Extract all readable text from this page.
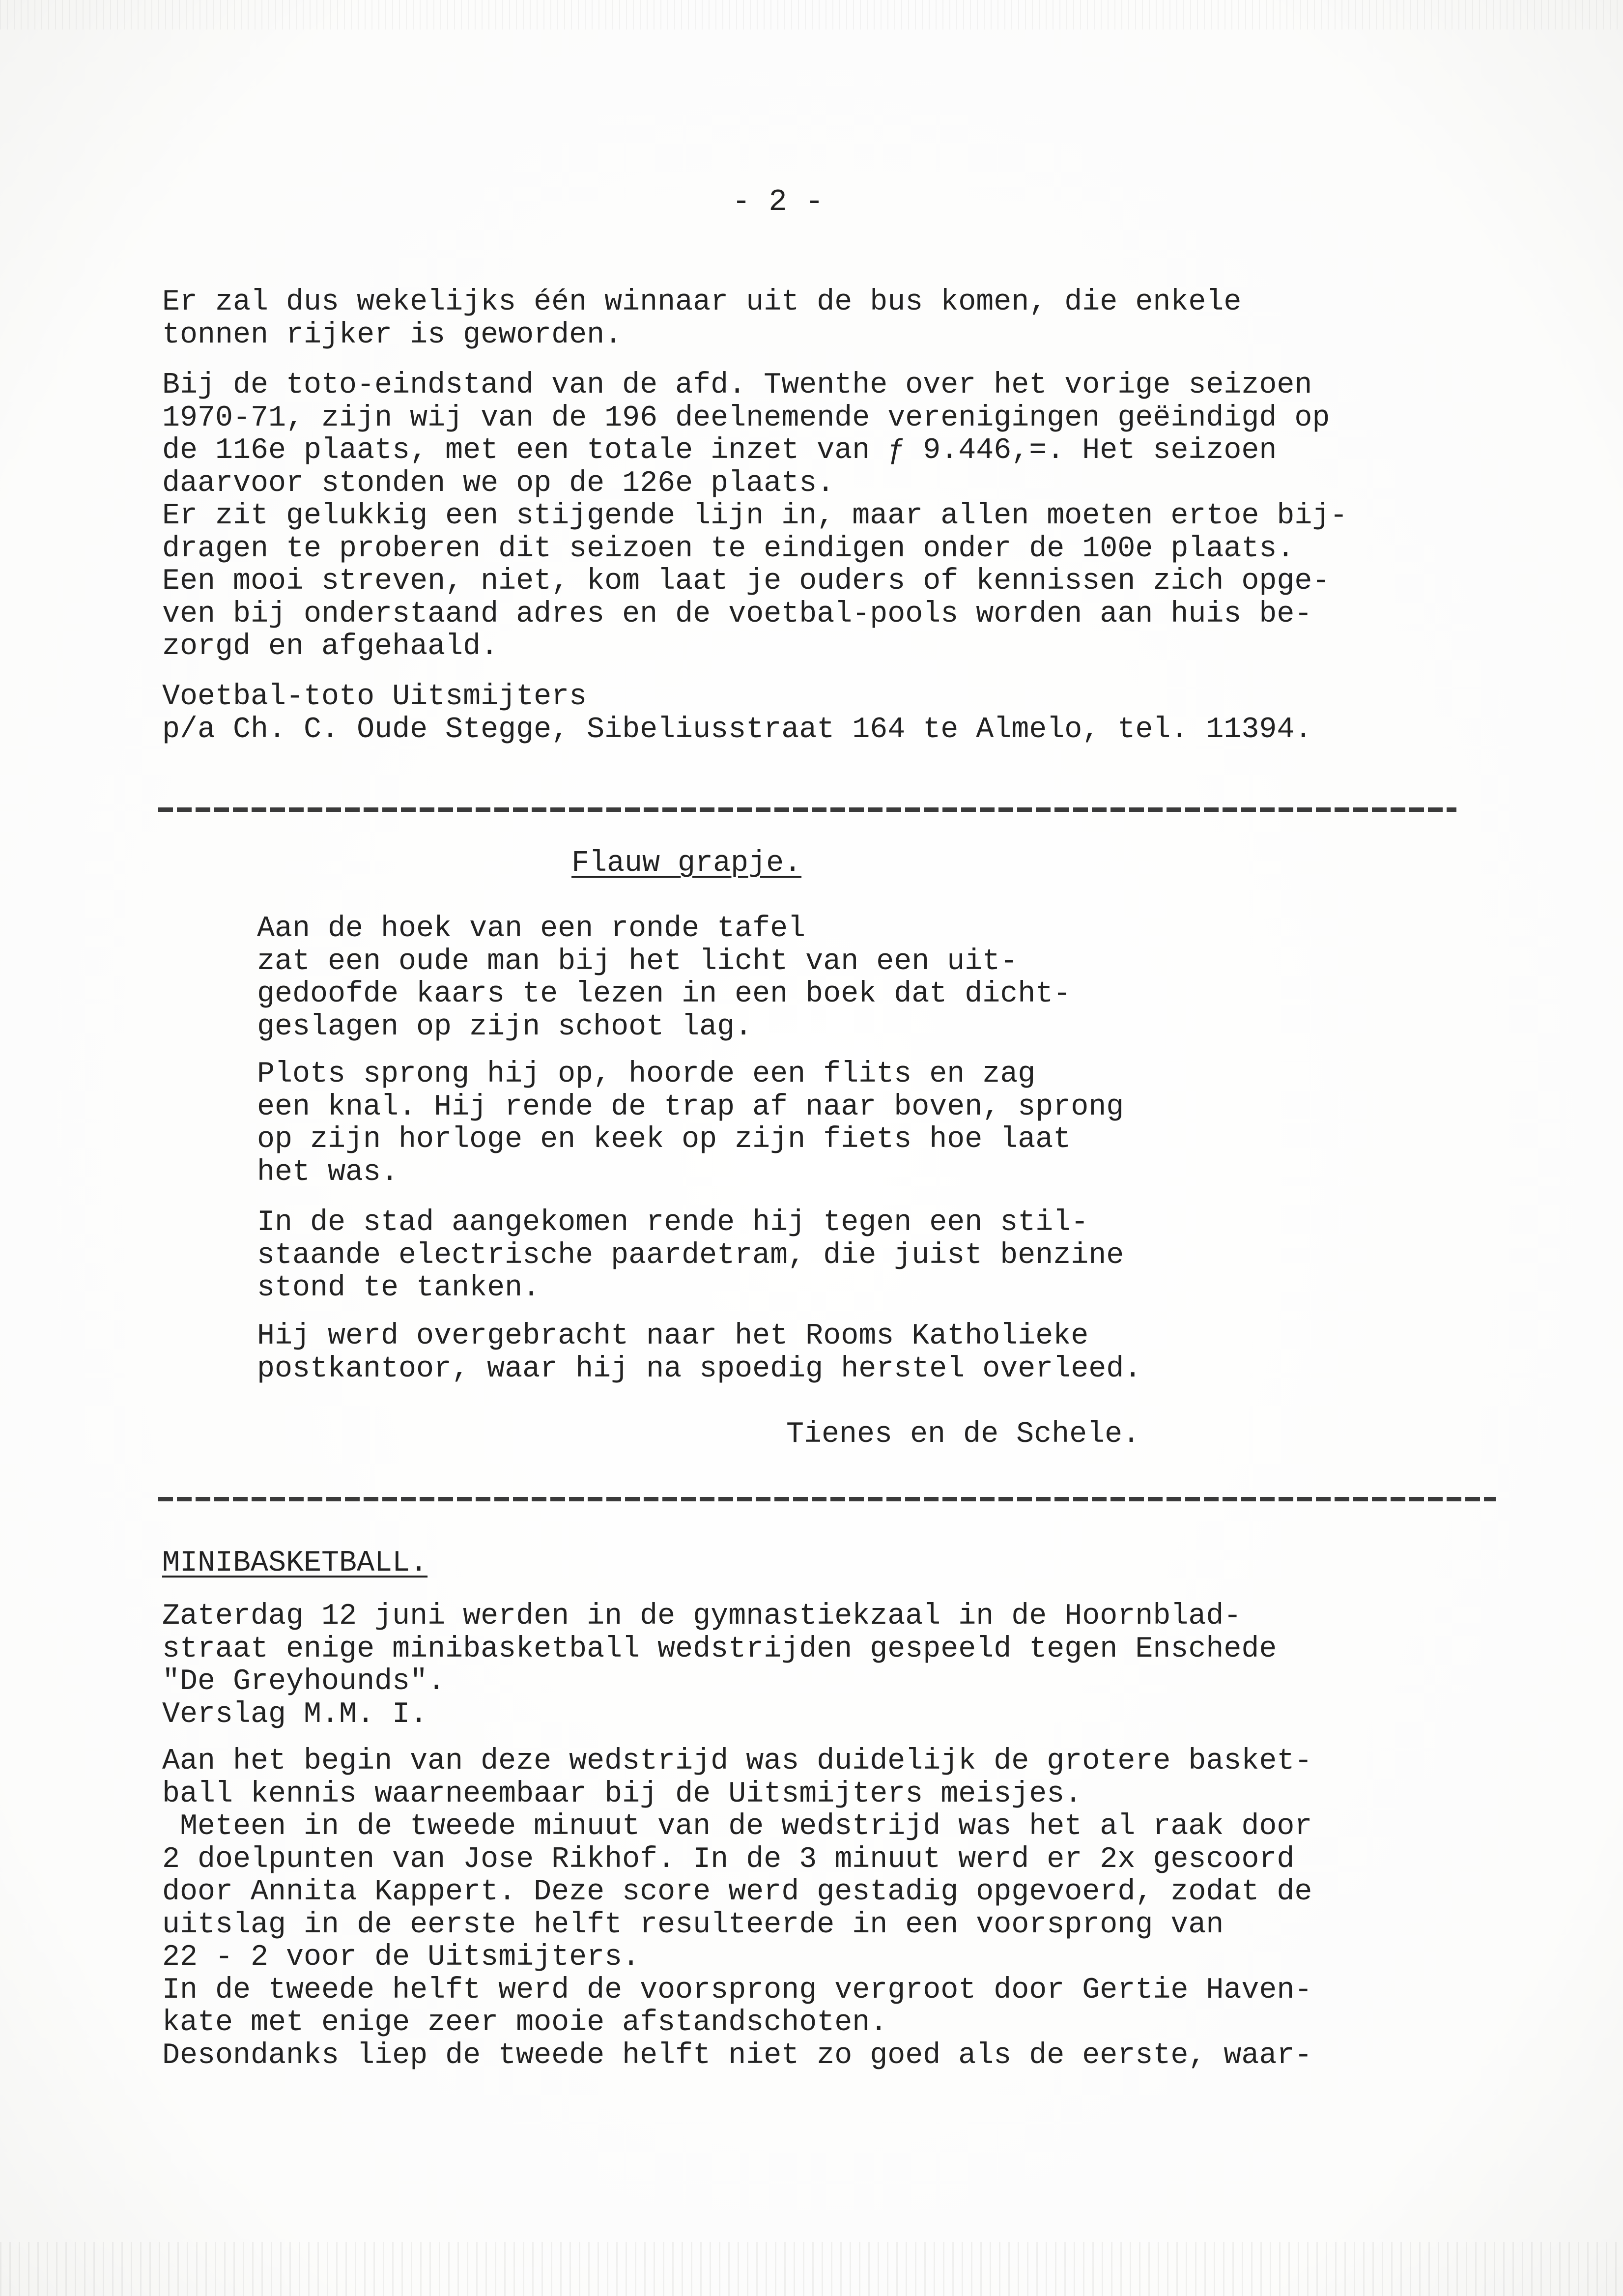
- 2 -
Er zal dus wekelijks één winnaar uit de bus komen, die enkele
tonnen rijker is geworden.
Bij de toto-eindstand van de afd. Twenthe over het vorige seizoen
1970-71, zijn wij van de 196 deelnemende verenigingen geëindigd op
de 116e plaats, met een totale inzet van ƒ 9.446,=. Het seizoen
daarvoor stonden we op de 126e plaats.
Er zit gelukkig een stijgende lijn in, maar allen moeten ertoe bij-
dragen te proberen dit seizoen te eindigen onder de 100e plaats.
Een mooi streven, niet, kom laat je ouders of kennissen zich opge-
ven bij onderstaand adres en de voetbal-pools worden aan huis be-
zorgd en afgehaald.
Voetbal-toto Uitsmijters
p/a Ch. C. Oude Stegge, Sibeliusstraat 164 te Almelo, tel. 11394.
Flauw grapje.
Aan de hoek van een ronde tafel
zat een oude man bij het licht van een uit-
gedoofde kaars te lezen in een boek dat dicht-
geslagen op zijn schoot lag.
Plots sprong hij op, hoorde een flits en zag
een knal. Hij rende de trap af naar boven, sprong
op zijn horloge en keek op zijn fiets hoe laat
het was.
In de stad aangekomen rende hij tegen een stil-
staande electrische paardetram, die juist benzine
stond te tanken.
Hij werd overgebracht naar het Rooms Katholieke
postkantoor, waar hij na spoedig herstel overleed.
Tienes en de Schele.
MINIBASKETBALL.
Zaterdag 12 juni werden in de gymnastiekzaal in de Hoornblad-
straat enige minibasketball wedstrijden gespeeld tegen Enschede
"De Greyhounds".
Verslag M.M. I.
Aan het begin van deze wedstrijd was duidelijk de grotere basket-
ball kennis waarneembaar bij de Uitsmijters meisjes.
Meteen in de tweede minuut van de wedstrijd was het al raak door
2 doelpunten van Jose Rikhof. In de 3 minuut werd er 2x gescoord
door Annita Kappert. Deze score werd gestadig opgevoerd, zodat de
uitslag in de eerste helft resulteerde in een voorsprong van
22 - 2 voor de Uitsmijters.
In de tweede helft werd de voorsprong vergroot door Gertie Haven-
kate met enige zeer mooie afstandschoten.
Desondanks liep de tweede helft niet zo goed als de eerste, waar-
